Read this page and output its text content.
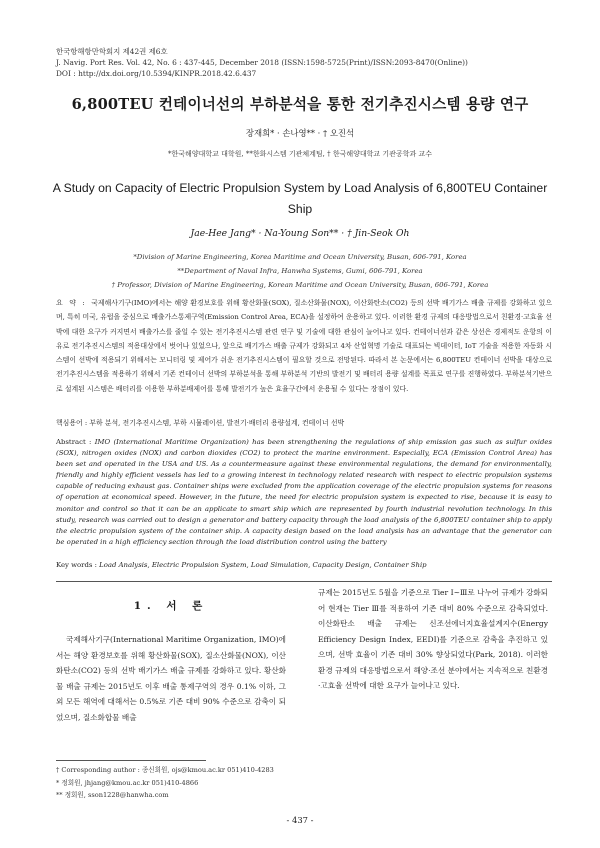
한국항해항만학회지 제42권 제6호
J. Navig. Port Res. Vol. 42, No. 6 : 437-445, December 2018 (ISSN:1598-5725(Print)/ISSN:2093-8470(Online))
DOI : http://dx.doi.org/10.5394/KINPR.2018.42.6.437
6,800TEU 컨테이너선의 부하분석을 통한 전기추진시스템 용량 연구
장재희* · 손나영** · † 오진석
*한국해양대학교 대학원, **한화시스템 기관체계팀, † 한국해양대학교 기관공학과 교수
A Study on Capacity of Electric Propulsion System by Load Analysis of 6,800TEU Container Ship
Jae-Hee Jang* · Na-Young Son** · † Jin-Seok Oh
*Division of Marine Engineering, Korea Maritime and Ocean University, Busan, 606-791, Korea
**Department of Naval Infra, Hanwha Systems, Gumi, 606-791, Korea
† Professor, Division of Marine Engineering, Korean Maritime and Ocean University, Busan, 606-791, Korea
요 약 : 국제해사기구(IMO)에서는 해양 환경보호를 위해 황산화물(SOX), 질소산화물(NOX), 이산화탄소(CO2) 등의 선박 배기가스 배출 규제를 강화하고 있으며, 특히 미국, 유럽을 중심으로 배출가스통제구역(Emission Control Area, ECA)을 설정하여 운용하고 있다. 이러한 환경 규제의 대응방법으로서 친환경·고효율 선박에 대한 요구가 커지면서 배출가스를 줄일 수 있는 전기추진시스템 관련 연구 및 기술에 대한 관심이 늘어나고 있다. 컨테이너선과 같은 상선은 경제적도 운항의 이유로 전기추진시스템의 적용대상에서 벗어나 있었으나, 앞으로 배기가스 배출 규제가 강화되고 4차 산업혁명 기술로 대표되는 빅데이터, IoT 기술을 적용한 자동화 시스템이 선박에 적용되기 위해서는 모니터링 및 제어가 쉬운 전기추진시스템이 필요할 것으로 전망된다. 따라서 본 논문에서는 6,800TEU 컨테이너 선박을 대상으로 전기추진시스템을 적용하기 위해서 기존 컨테이너 선박의 부하분석을 통해 부하분석 기반의 발전기 및 배터리 용량 설계를 목표로 연구를 진행하였다. 부하분석기반으로 설계된 시스템은 배터리를 이용한 부하분배제어를 통해 발전기가 높은 효율구간에서 운용될 수 있다는 장점이 있다.
핵심용어 : 부하 분석, 전기추진시스템, 부하 시뮬레이션, 발전기·배터리 용량설계, 컨테이너 선박
Abstract : IMO (International Maritime Organization) has been strengthening the regulations of ship emission gas such as sulfur oxides (SOX), nitrogen oxides (NOX) and carbon dioxides (CO2) to protect the marine environment. Especially, ECA (Emission Control Area) has been set and operated in the USA and US. As a countermeasure against these environmental regulations, the demand for environmentally, friendly and highly efficient vessels has led to a growing interest in technology related research with respect to electric propulsion systems capable of reducing exhaust gas. Container ships were excluded from the application coverage of the electric propulsion systems for reasons of operation at economical speed. However, in the future, the need for electric propulsion system is expected to rise, because it is easy to monitor and control so that it can be an applicate to smart ship which are represented by fourth industrial revolution technology. In this study, research was carried out to design a generator and battery capacity through the load analysis of the 6,800TEU container ship to apply the electric propulsion system of the container ship. A capacity design based on the load analysis has an advantage that the generator can be operated in a high efficiency section through the load distribution control using the battery
Key words : Load Analysis, Electric Propulsion System, Load Simulation, Capacity Design, Container Ship
1. 서 론
국제해사기구(International Maritime Organization, IMO)에서는 해양 환경보호를 위해 황산화물(SOX), 질소산화물(NOX), 이산화탄소(CO2) 등의 선박 배기가스 배출 규제를 강화하고 있다. 황산화물 배출 규제는 2015년도 이후 배출 통제구역의 경우 0.1% 이하, 그 외 모든 해역에 대해서는 0.5%로 기존 대비 90% 수준으로 감축이 되었으며, 질소화합물 배출
규제는 2015년도 5월을 기준으로 Tier Ⅰ~Ⅲ로 나누어 규제가 강화되어 현재는 Tier Ⅲ를 적용하여 기존 대비 80% 수준으로 감축되었다. 이산화탄소 배출 규제는 신조선에너지효율설계지수(Energy Efficiency Design Index, EEDI)를 기준으로 감축을 추진하고 있으며, 선박 효율이 기존 대비 30% 향상되었다(Park, 2018). 이러한 환경 규제의 대응방법으로서 해양·조선 분야에서는 지속적으로 친환경·고효율 선박에 대한 요구가 늘어나고 있다.
† Corresponding author : 종신회원, ojs@kmou.ac.kr 051)410-4283
* 정회원, jhjang@kmou.ac.kr 051)410-4866
** 정회원, sson1228@hanwha.com
- 437 -
